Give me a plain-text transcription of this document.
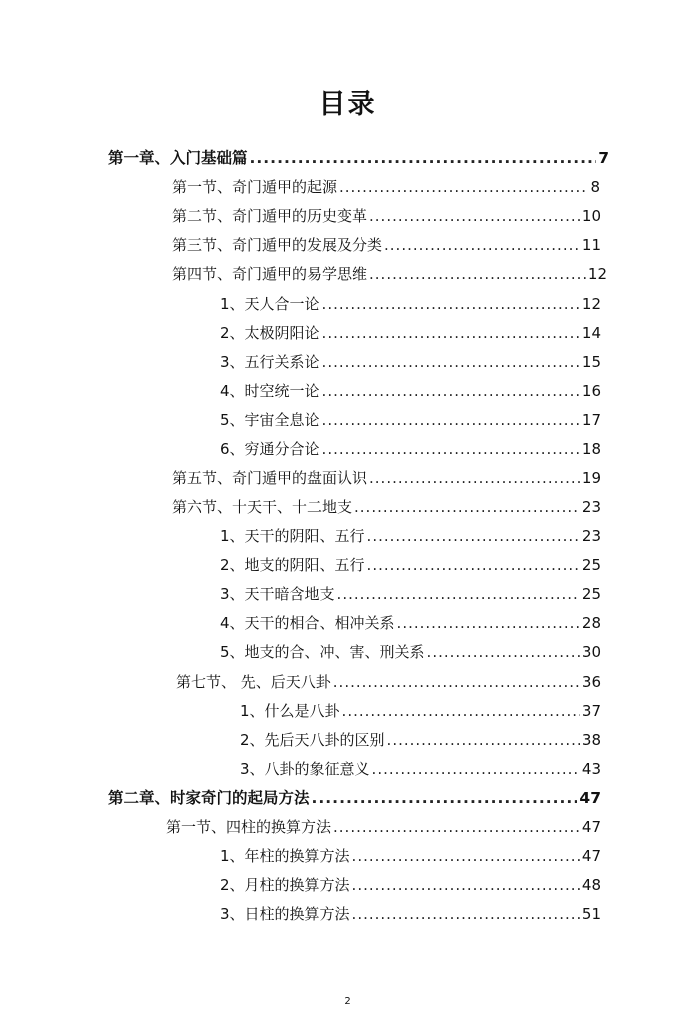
目录
第一章、入门基础篇 .....	7
第一节、奇门遁甲的起源 .....	8
第二节、奇门遁甲的历史变革 .....	10
第三节、奇门遁甲的发展及分类 .....	11
第四节、奇门遁甲的易学思维 .....	12
1、天人合一论 .....	12
2、太极阴阳论 .....	14
3、五行关系论 .....	15
4、时空统一论 .....	16
5、宇宙全息论 .....	17
6、穷通分合论 .....	18
第五节、奇门遁甲的盘面认识 .....	19
第六节、十天干、十二地支 .....	23
1、天干的阴阳、五行 .....	23
2、地支的阴阳、五行 .....	25
3、天干暗含地支 .....	25
4、天干的相合、相冲关系 .....	28
5、地支的合、冲、害、刑关系 .....	30
第七节、 先、后天八卦 .....	36
1、什么是八卦 .....	37
2、先后天八卦的区别 .....	38
3、八卦的象征意义 .....	43
第二章、时家奇门的起局方法 .....	47
第一节、四柱的换算方法 .....	47
1、年柱的换算方法 .....	47
2、月柱的换算方法 .....	48
3、日柱的换算方法 .....	51
2
